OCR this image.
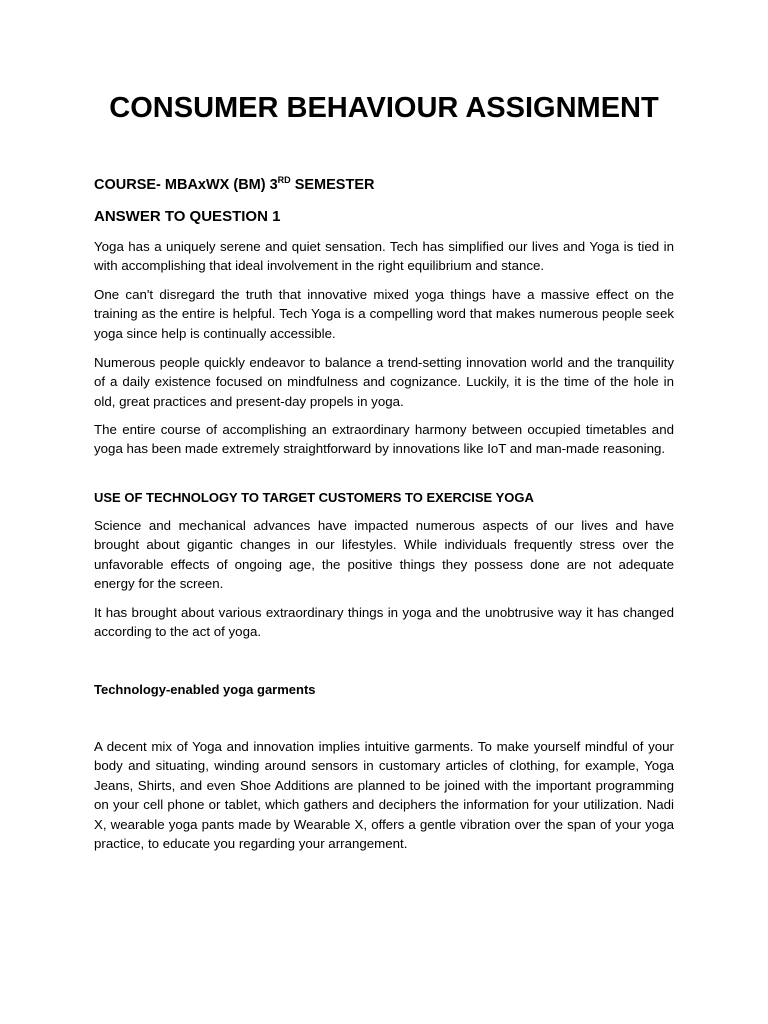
CONSUMER BEHAVIOUR ASSIGNMENT

COURSE- MBAxWX (BM) 3RD SEMESTER

ANSWER TO QUESTION 1

Yoga has a uniquely serene and quiet sensation. Tech has simplified our lives and Yoga is tied in with accomplishing that ideal involvement in the right equilibrium and stance.

One can't disregard the truth that innovative mixed yoga things have a massive effect on the training as the entire is helpful. Tech Yoga is a compelling word that makes numerous people seek yoga since help is continually accessible.

Numerous people quickly endeavor to balance a trend-setting innovation world and the tranquility of a daily existence focused on mindfulness and cognizance. Luckily, it is the time of the hole in old, great practices and present-day propels in yoga.

The entire course of accomplishing an extraordinary harmony between occupied timetables and yoga has been made extremely straightforward by innovations like IoT and man-made reasoning.

USE OF TECHNOLOGY TO TARGET CUSTOMERS TO EXERCISE YOGA

Science and mechanical advances have impacted numerous aspects of our lives and have brought about gigantic changes in our lifestyles. While individuals frequently stress over the unfavorable effects of ongoing age, the positive things they possess done are not adequate energy for the screen.

It has brought about various extraordinary things in yoga and the unobtrusive way it has changed according to the act of yoga.

Technology-enabled yoga garments

A decent mix of Yoga and innovation implies intuitive garments. To make yourself mindful of your body and situating, winding around sensors in customary articles of clothing, for example, Yoga Jeans, Shirts, and even Shoe Additions are planned to be joined with the important programming on your cell phone or tablet, which gathers and deciphers the information for your utilization. Nadi X, wearable yoga pants made by Wearable X, offers a gentle vibration over the span of your yoga practice, to educate you regarding your arrangement.
